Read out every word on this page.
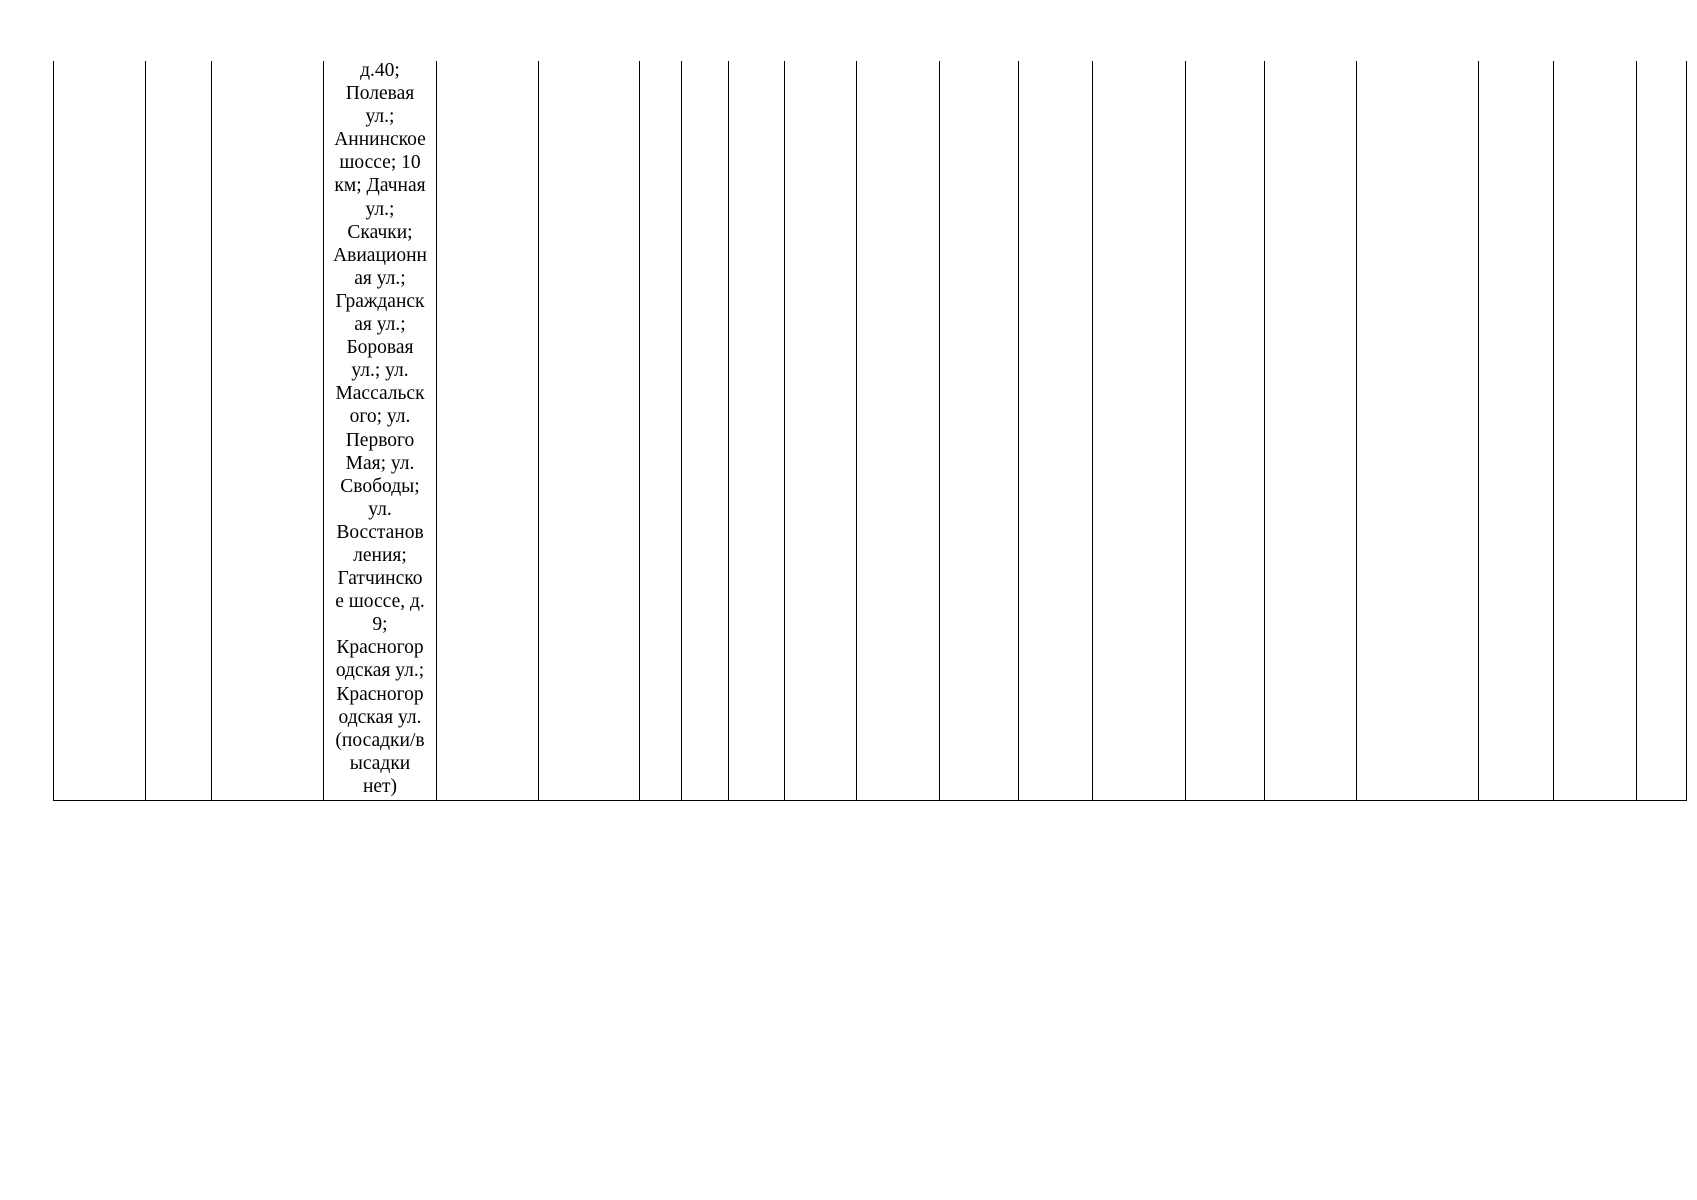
д.40;
Полевая
ул.;
Аннинское
шоссе; 10
км; Дачная
ул.;
Скачки;
Авиационн
ая ул.;
Гражданск
ая ул.;
Боровая
ул.; ул.
Массальск
ого; ул.
Первого
Мая; ул.
Свободы;
ул.
Восстанов
ления;
Гатчинско
е шоссе, д.
9;
Красногор
одская ул.;
Красногор
одская ул.
(посадки/в
ысадки
нет)
